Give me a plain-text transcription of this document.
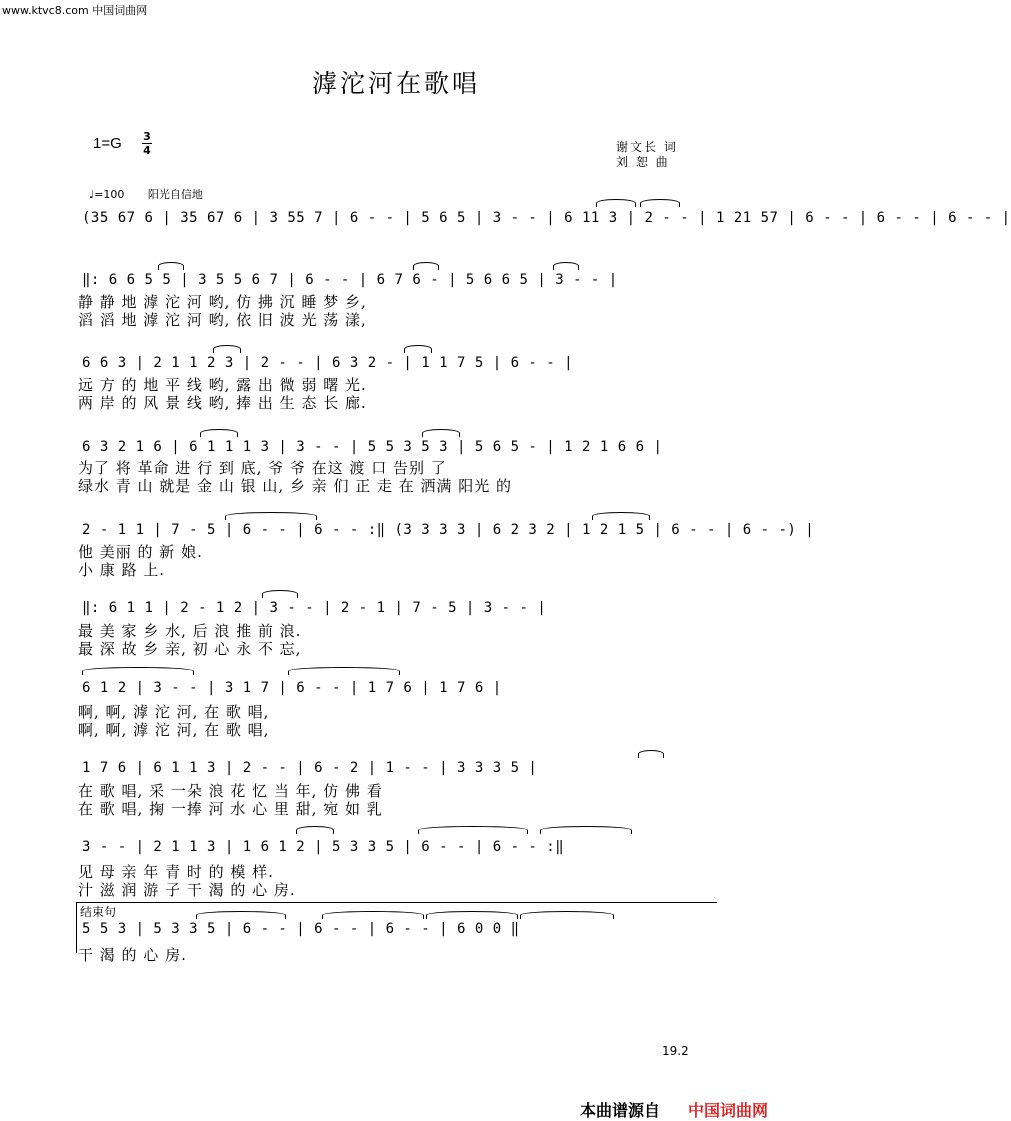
www.ktvc8.com 中国词曲网
滹沱河在歌唱
1=G 3
4	谢文长 词
刘 恕 曲
♩=100 阳光自信地
(35 67 6 | 35 67 6 | 3 55 7 | 6 - - | 5 6 5 | 3 - - | 6 11 3 | 2 - - | 1 21 57 | 6 - - | 6 - - | 6 - - |
‖: 6 6 5 5 | 3 5 5 6 7 | 6 - - | 6 7 6 - | 5 6 6 5 | 3 - - |
静 静 地 滹 沱 河 哟, 仿 拂 沉 睡 梦 乡,
滔 滔 地 滹 沱 河 哟, 依 旧 波 光 荡 漾,
6 6 3 | 2 1 1 2 3 | 2 - - | 6 3 2 - | 1 1 7 5 | 6 - - |
远 方 的 地 平 线 哟, 露 出 微 弱 曙 光.
两 岸 的 风 景 线 哟, 捧 出 生 态 长 廊.
6 3 2 1 6 | 6 1 1 1 3 | 3 - - | 5 5 3 5 3 | 5 6 5 - | 1 2 1 6 6 |
为了 将 革命 进 行 到 底, 爷 爷 在这 渡 口 告别 了
绿水 青 山 就是 金 山 银 山, 乡 亲 们 正 走 在 洒满 阳光 的
2 - 1 1 | 7 - 5 | 6 - - | 6 - - :‖ (3 3 3 3 | 6 2 3 2 | 1 2 1 5 | 6 - - | 6 - -) |
他 美丽 的 新 娘.
小 康 路 上.
‖: 6 1 1 | 2 - 1 2 | 3 - - | 2 - 1 | 7 - 5 | 3 - - |
最 美 家 乡 水, 后 浪 推 前 浪.
最 深 故 乡 亲, 初 心 永 不 忘,
6 1 2 | 3 - - | 3 1 7 | 6 - - | 1 7 6 | 1 7 6 |
啊, 啊, 滹 沱 河, 在 歌 唱,
啊, 啊, 滹 沱 河, 在 歌 唱,
1 7 6 | 6 1 1 3 | 2 - - | 6 - 2 | 1 - - | 3 3 3 5 |
在 歌 唱, 采 一朵 浪 花 忆 当 年, 仿 佛 看
在 歌 唱, 掬 一捧 河 水 心 里 甜, 宛 如 乳
3 - - | 2 1 1 3 | 1 6 1 2 | 5 3 3 5 | 6 - - | 6 - - :‖
见 母 亲 年 青 时 的 模 样.
汁 滋 润 游 子 干 渴 的 心 房.
结束句
5 5 3 | 5 3 3 5 | 6 - - | 6 - - | 6 - - | 6 0 0 ‖
干 渴 的 心 房.
19.2
本曲谱源自 中国词曲网
